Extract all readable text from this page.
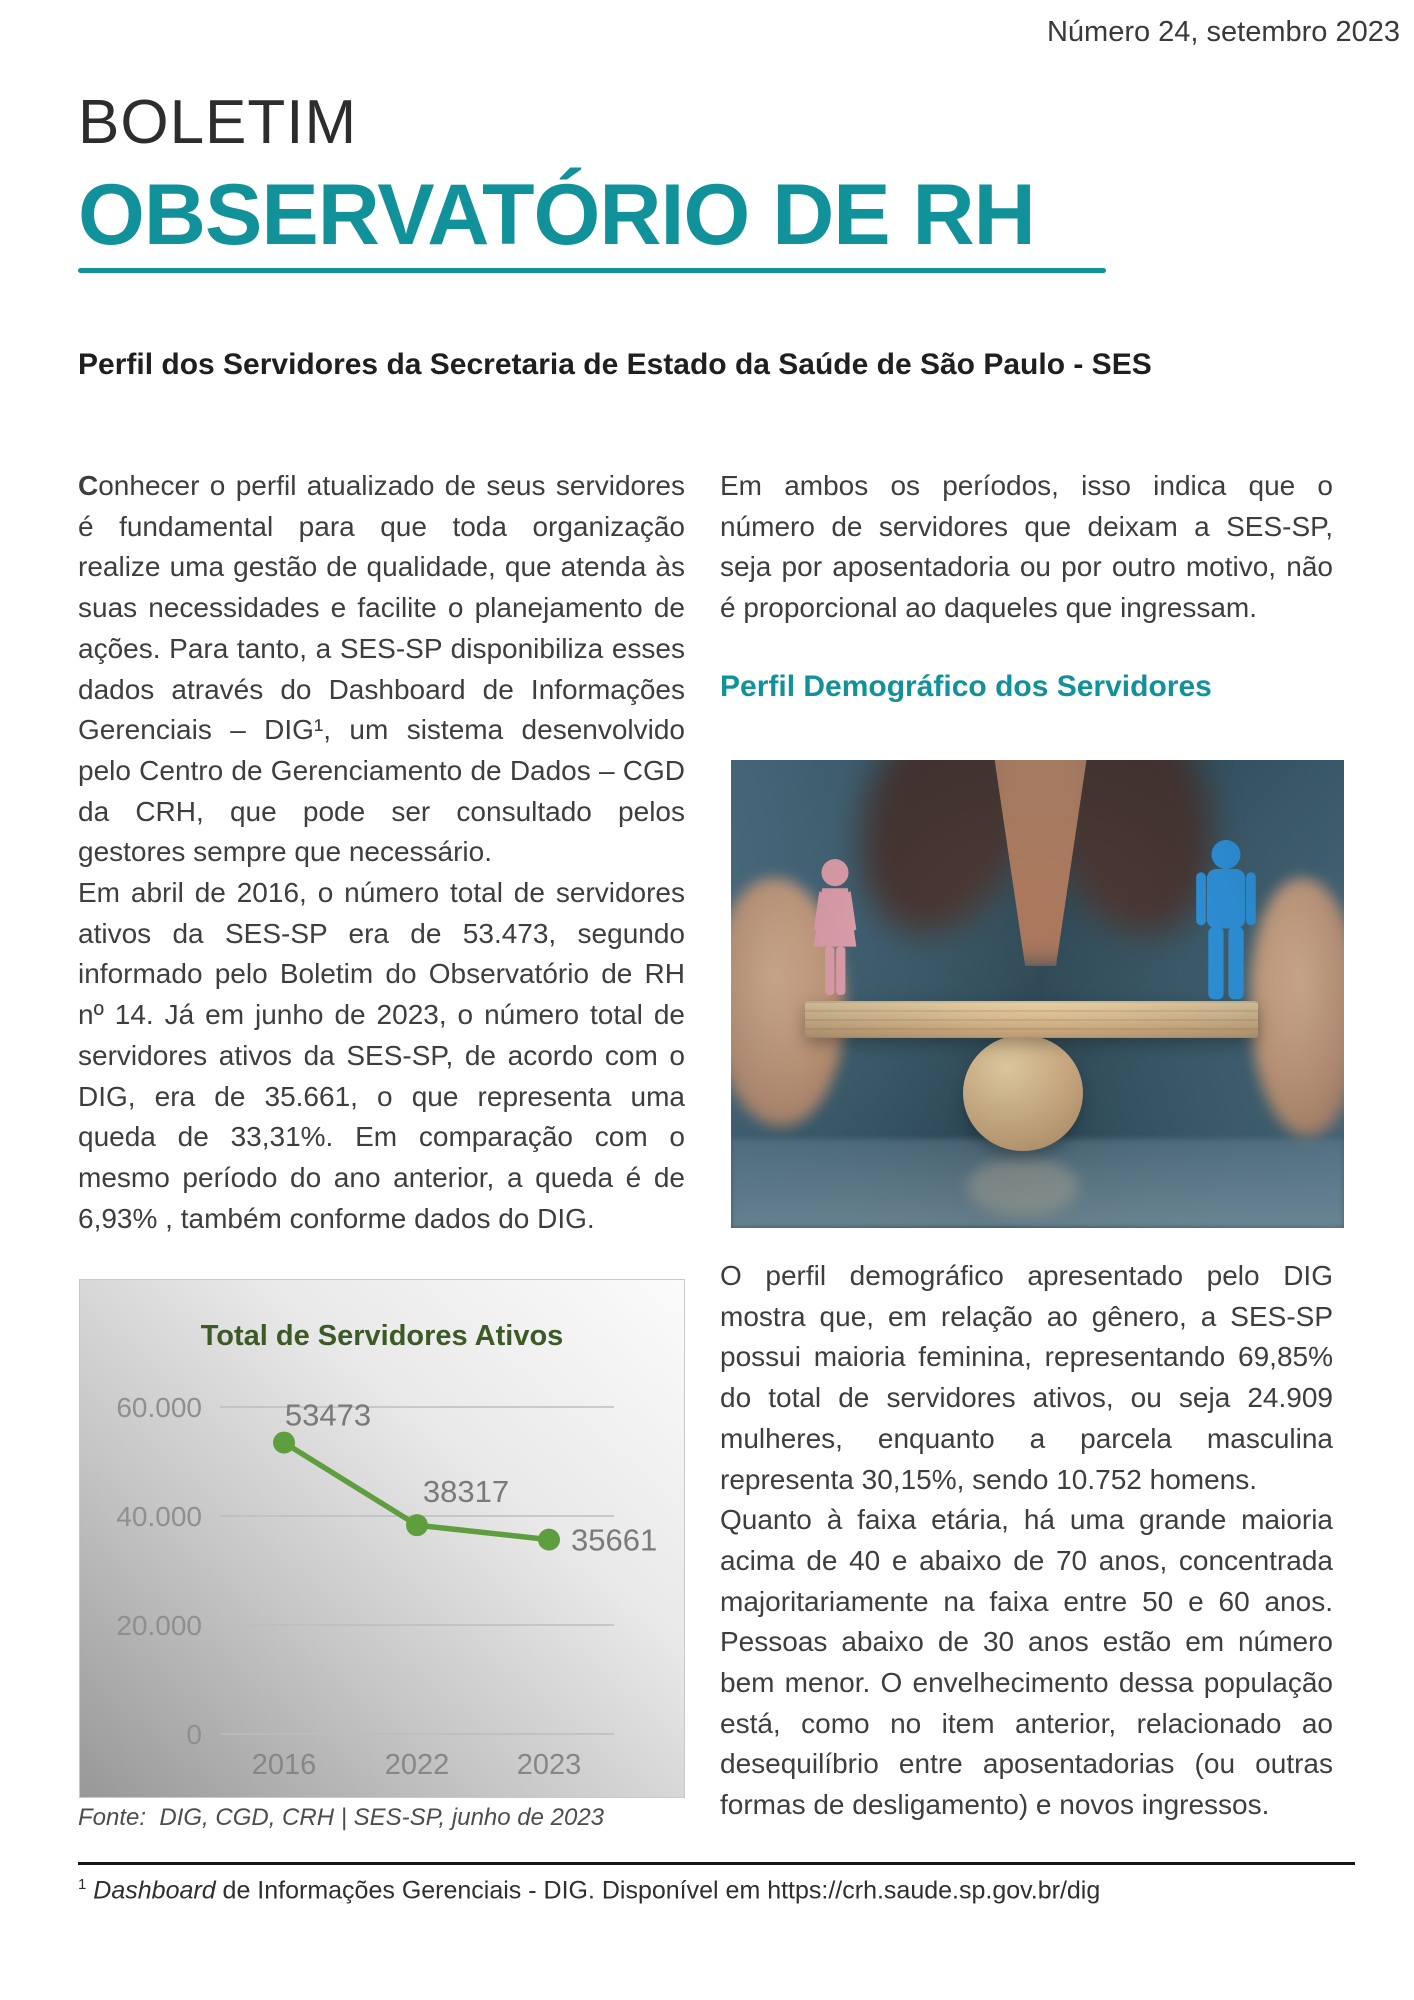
Número 24, setembro 2023
BOLETIM
OBSERVATÓRIO DE RH
Perfil dos Servidores da Secretaria de Estado da Saúde de São Paulo - SES

Conhecer o perfil atualizado de seus servidores é fundamental para que toda organização realize uma gestão de qualidade, que atenda às suas necessidades e facilite o planejamento de ações. Para tanto, a SES-SP disponibiliza esses dados através do Dashboard de Informações Gerenciais – DIG¹, um sistema desenvolvido pelo Centro de Gerenciamento de Dados – CGD da CRH, que pode ser consultado pelos gestores sempre que necessário.

Em abril de 2016, o número total de servidores ativos da SES-SP era de 53.473, segundo informado pelo Boletim do Observatório de RH nº 14. Já em junho de 2023, o número total de servidores ativos da SES-SP, de acordo com o DIG, era de 35.661, o que representa uma queda de 33,31%. Em comparação com o mesmo período do ano anterior, a queda é de 6,93% , também conforme dados do DIG.

Em ambos os períodos, isso indica que o número de servidores que deixam a SES-SP, seja por aposentadoria ou por outro motivo, não é proporcional ao daqueles que ingressam.

Perfil Demográfico dos Servidores

O perfil demográfico apresentado pelo DIG mostra que, em relação ao gênero, a SES-SP possui maioria feminina, representando 69,85% do total de servidores ativos, ou seja 24.909 mulheres, enquanto a parcela masculina representa 30,15%, sendo 10.752 homens.

Quanto à faixa etária, há uma grande maioria acima de 40 e abaixo de 70 anos, concentrada majoritariamente na faixa entre 50 e 60 anos. Pessoas abaixo de 30 anos estão em número bem menor. O envelhecimento dessa população está, como no item anterior, relacionado ao desequilíbrio entre aposentadorias (ou outras formas de desligamento) e novos ingressos.

60.000
40.000
20.000
0
2016 2022 2023
53473
38317
35661
Total de Servidores Ativos
Fonte:  DIG, CGD, CRH | SES-SP, junho de 2023
$^1$ Dashboard de Informações Gerenciais - DIG. Disponível em https://crh.saude.sp.gov.br/dig
